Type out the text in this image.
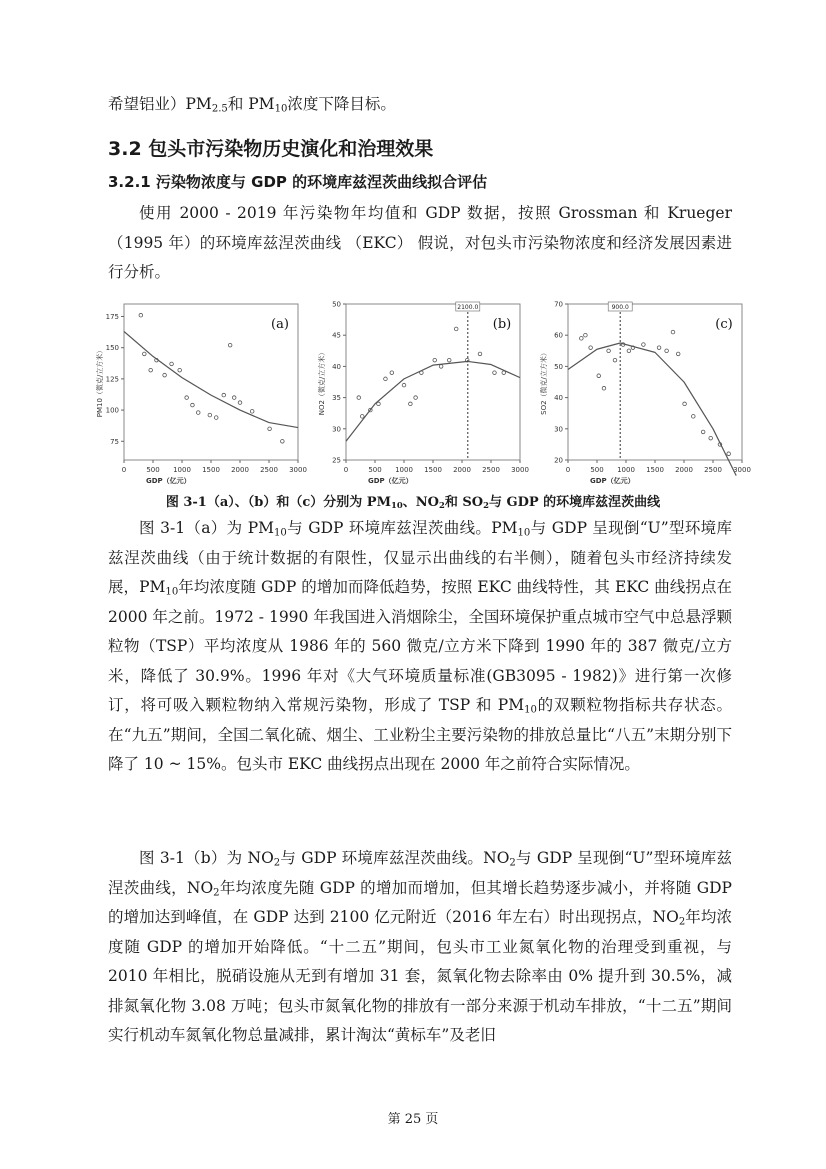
希望铝业）$PM_{2.5}$和 $PM_{10}$浓度下降目标。
3.2 包头市污染物历史演化和治理效果
3.2.1 污染物浓度与 GDP 的环境库兹涅茨曲线拟合评估

使用 2000 - 2019 年污染物年均值和 GDP 数据，按照 Grossman 和 Krueger （1995 年）的环境库兹涅茨曲线 （EKC） 假说，对包头市污染物浓度和经济发展因素进行分析。

0	500 1000 1500 2000 2500 3000
75
100
125
150
175
GDP（亿元）
PM10（微克/立方米）
(a)
0	500 1000 1500 2000 2500 3000
25
30
35
40
45
50
GDP（亿元）
NO2（微克/立方米）
(b)
2100.0
0	500 1000 1500 2000 2500 3000
20
30
40
50
60
70
GDP（亿元）
SO2（微克/立方米）
(c)
900.0
图 3-1（a）、（b）和（c）分别为 $PM_{10}$、$NO_2$和 $SO_2$与 GDP 的环境库兹涅茨曲线

图 3-1（a）为 $PM_{10}$与 GDP 环境库兹涅茨曲线。$PM_{10}$与 GDP 呈现倒“U”型环境库兹涅茨曲线（由于统计数据的有限性，仅显示出曲线的右半侧），随着包头市经济持续发展，$PM_{10}$年均浓度随 GDP 的增加而降低趋势，按照 EKC 曲线特性，其 EKC 曲线拐点在 2000 年之前。1972 - 1990 年我国进入消烟除尘，全国环境保护重点城市空气中总悬浮颗粒物（TSP）平均浓度从 1986 年的 560 微克/立方米下降到 1990 年的 387 微克/立方米，降低了 30.9%。1996 年对《大气环境质量标准(GB3095 - 1982)》进行第一次修订，将可吸入颗粒物纳入常规污染物，形成了 TSP 和 $PM_{10}$的双颗粒物指标共存状态。在“九五”期间，全国二氧化硫、烟尘、工业粉尘主要污染物的排放总量比“八五”末期分别下降了 10 ~ 15%。包头市 EKC 曲线拐点出现在 2000 年之前符合实际情况。

图 3-1（b）为 $NO_2$与 GDP 环境库兹涅茨曲线。$NO_2$与 GDP 呈现倒“U”型环境库兹涅茨曲线，$NO_2$年均浓度先随 GDP 的增加而增加，但其增长趋势逐步减小，并将随 GDP 的增加达到峰值，在 GDP 达到 2100 亿元附近（2016 年左右）时出现拐点，$NO_2$年均浓度随 GDP 的增加开始降低。“十二五”期间，包头市工业氮氧化物的治理受到重视，与 2010 年相比，脱硝设施从无到有增加 31 套，氮氧化物去除率由 0% 提升到 30.5%，减排氮氧化物 3.08 万吨；包头市氮氧化物的排放有一部分来源于机动车排放，“十二五”期间实行机动车氮氧化物总量减排，累计淘汰“黄标车”及老旧

第 25 页
